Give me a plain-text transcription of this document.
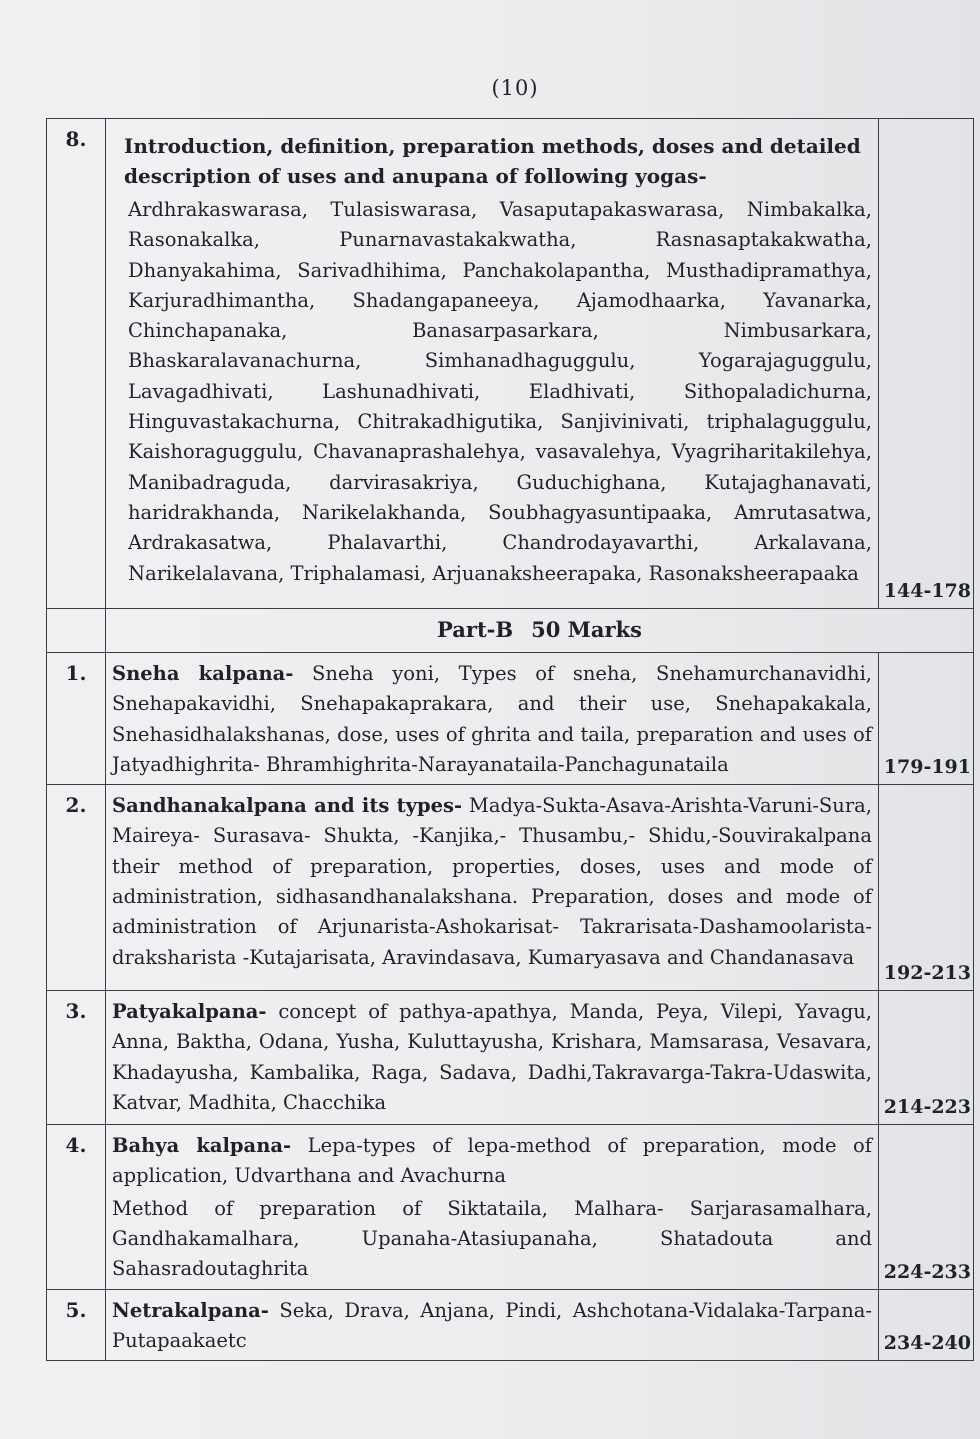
(10)
8.	Introduction, definition, preparation methods, doses and detailed description of uses and anupana of following yogas-
Ardhrakaswarasa, Tulasiswarasa, Vasaputapakaswarasa, Nimbakalka, Rasonakalka, Punarnavastakakwatha, Rasnasaptakakwatha, Dhanyakahima, Sarivadhihima, Panchakolapantha, Musthadipramathya, Karjuradhimantha, Shadangapaneeya, Ajamodhaarka, Yavanarka, Chinchapanaka, Banasarpasarkara, Nimbusarkara, Bhaskaralavanachurna, Simhanadhaguggulu, Yogarajaguggulu, Lavagadhivati, Lashunadhivati, Eladhivati, Sithopaladichurna, Hinguvastakachurna, Chitrakadhigutika, Sanjivinivati, triphalaguggulu, Kaishoraguggulu, Chavanaprashalehya, vasavalehya, Vyagriharitakilehya, Manibadraguda, darvirasakriya, Guduchighana, Kutajaghanavati, haridrakhanda, Narikelakhanda, Soubhagyasuntipaaka, Amrutasatwa, Ardrakasatwa, Phalavarthi, Chandrodayavarthi, Arkalavana, Narikelalavana, Triphalamasi, Arjuanaksheerapaka, Rasonaksheerapaaka	144-178
	Part-B 50 Marks	
1.	Sneha kalpana- Sneha yoni, Types of sneha, Snehamurchanavidhi, Snehapakavidhi, Snehapakaprakara, and their use, Snehapakakala, Snehasidhalakshanas, dose, uses of ghrita and taila, preparation and uses of Jatyadhighrita- Bhramhighrita-Narayanataila-Panchagunataila	179-191
2.	Sandhanakalpana and its types- Madya-Sukta-Asava-Arishta-Varuni-Sura, Maireya- Surasava- Shukta, -Kanjika,- Thusambu,- Shidu,-Souvirakalpana their method of preparation, properties, doses, uses and mode of administration, sidhasandhanalakshana. Preparation, doses and mode of administration of Arjunarista-Ashokarisat- Takrarisata-Dashamoolarista- draksharista -Kutajarisata, Aravindasava, Kumaryasava and Chandanasava	192-213
3.	Patyakalpana- concept of pathya-apathya, Manda, Peya, Vilepi, Yavagu, Anna, Baktha, Odana, Yusha, Kuluttayusha, Krishara, Mamsarasa, Vesavara, Khadayusha, Kambalika, Raga, Sadava, Dadhi,Takravarga-Takra-Udaswita, Katvar, Madhita, Chacchika	214-223
4.	Bahya kalpana- Lepa-types of lepa-method of preparation, mode of application, Udvarthana and Avachurna
Method of preparation of Siktataila, Malhara- Sarjarasamalhara, Gandhakamalhara, Upanaha-Atasiupanaha, Shatadouta and Sahasradoutaghrita	224-233
5.	Netrakalpana- Seka, Drava, Anjana, Pindi, Ashchotana-Vidalaka-Tarpana-Putapaakaetc	234-240
